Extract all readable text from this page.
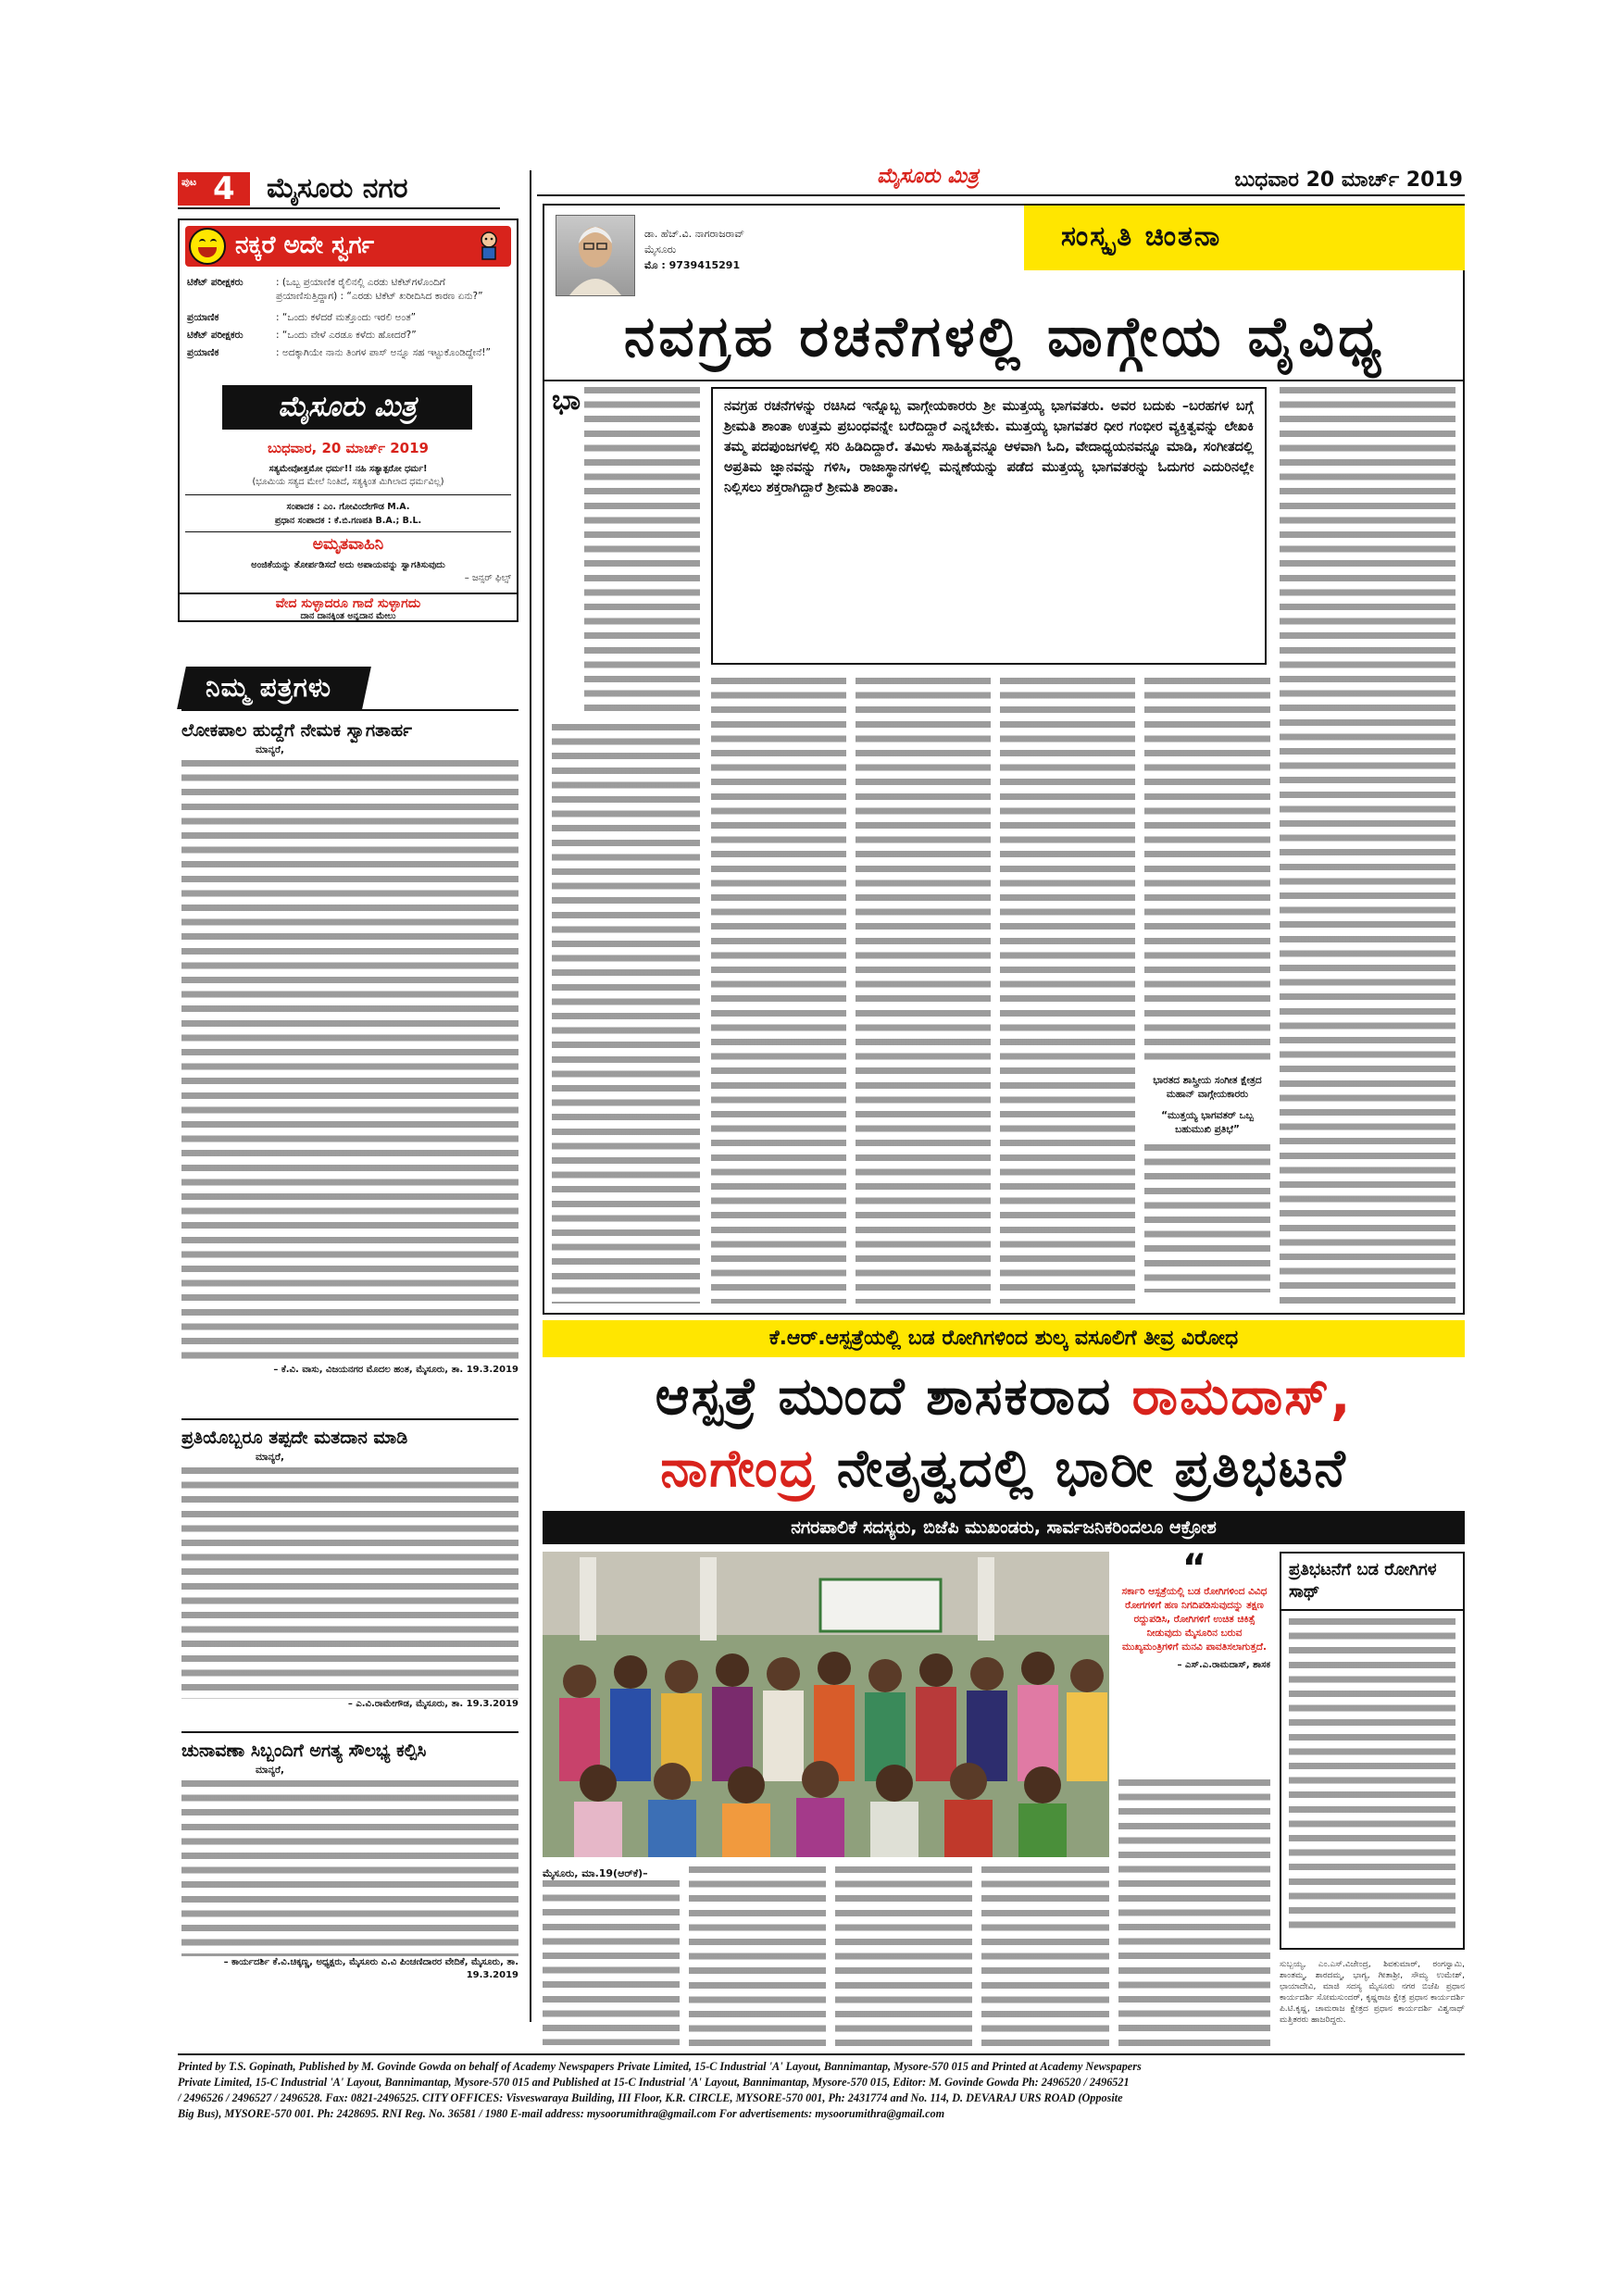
ಪುಟ 4 ಮೈಸೂರು ನಗರ	ಮೈಸೂರು ಮಿತ್ರ	ಬುಧವಾರ 20 ಮಾರ್ಚ್ 2019
ನಕ್ಕರೆ ಅದೇ ಸ್ವರ್ಗ
ಟಿಕೆಟ್ ಪರೀಕ್ಷಕರು	: (ಒಬ್ಬ ಪ್ರಯಾಣಿಕ ರೈಲಿನಲ್ಲಿ ಎರಡು ಟಿಕೆಟ್‌ಗಳೊಂದಿಗೆ ಪ್ರಯಾಣಿಸುತ್ತಿದ್ದಾಗ) : “ಎರಡು ಟಿಕೆಟ್ ಖರೀದಿಸಿದ ಕಾರಣ ಏನು?”
ಪ್ರಯಾಣಿಕ	: “ಒಂದು ಕಳೆದರೆ ಮತ್ತೊಂದು ಇರಲಿ ಅಂತ”
ಟಿಕೆಟ್ ಪರೀಕ್ಷಕರು	: “ಒಂದು ವೇಳೆ ಎರಡೂ ಕಳೆದು ಹೋದರೆ?”
ಪ್ರಯಾಣಿಕ	: ಅದಕ್ಕಾಗಿಯೇ ನಾನು ತಿಂಗಳ ಪಾಸ್ ಅನ್ನೂ ಸಹ ಇಟ್ಟುಕೊಂಡಿದ್ದೇನೆ!”
ಮೈಸೂರು ಮಿತ್ರ
ಬುಧವಾರ, 20 ಮಾರ್ಚ್ 2019
ಸತ್ಯಮೇವೋತ್ತಮೋ ಧರ್ಮ!! ನಹಿ ಸತ್ಯಾತ್ಪರೋ ಧರ್ಮ!
(ಭೂಮಿಯ ಸತ್ಯದ ಮೇಲೆ ನಿಂತಿದೆ, ಸತ್ಯಕ್ಕಿಂತ ಮಿಗಿಲಾದ ಧರ್ಮವಿಲ್ಲ)
ಸಂಪಾದಕ : ಎಂ. ಗೋವಿಂದೇಗೌಡ M.A.
ಪ್ರಧಾನ ಸಂಪಾದಕ : ಕೆ.ಬಿ.ಗಣಪತಿ B.A.; B.L.
ಅಮೃತವಾಹಿನಿ
ಅಂಜಿಕೆಯನ್ನು ತೋರ್ಪಡಿಸದೆ ಅದು ಅಪಾಯವನ್ನು ಸ್ವಾಗತಿಸುವುದು
– ಜನ್ಸರ್ ಫಿಲ್ಸ್
ವೇದ ಸುಳ್ಳಾದರೂ ಗಾದೆ ಸುಳ್ಳಾಗದು
ದಾನ ದಾನಕ್ಕಿಂತ ಅನ್ನದಾನ ಮೇಲು
ನಿಮ್ಮ ಪತ್ರಗಳು
ಲೋಕಪಾಲ ಹುದ್ದೆಗೆ ನೇಮಕ ಸ್ವಾಗತಾರ್ಹ
ಮಾನ್ಯರೆ,
– ಕೆ.ವಿ. ವಾಸು, ವಿಜಯನಗರ ಮೊದಲ ಹಂತ, ಮೈಸೂರು, ತಾ. 19.3.2019
ಪ್ರತಿಯೊಬ್ಬರೂ ತಪ್ಪದೇ ಮತದಾನ ಮಾಡಿ
ಮಾನ್ಯರೆ,
– ಎ.ವಿ.ರಾಮೇಗೌಡ, ಮೈಸೂರು, ತಾ. 19.3.2019
ಚುನಾವಣಾ ಸಿಬ್ಬಂದಿಗೆ ಅಗತ್ಯ ಸೌಲಭ್ಯ ಕಲ್ಪಿಸಿ
ಮಾನ್ಯರೆ,
– ಕಾರ್ಯದರ್ಶಿ ಕೆ.ವಿ.ಚಿಕ್ಕಣ್ಣ, ಅಧ್ಯಕ್ಷರು, ಮೈಸೂರು ವಿ.ವಿ ಪಿಂಚಣಿದಾರರ ವೇದಿಕೆ, ಮೈಸೂರು, ತಾ. 19.3.2019
ಡಾ. ಹೆಚ್.ವಿ. ನಾಗರಾಜರಾವ್
ಮೈಸೂರು
ಮೊ : 9739415291
ಸಂಸ್ಕೃತಿ ಚಿಂತನಾ
ನವಗ್ರಹ ರಚನೆಗಳಲ್ಲಿ ವಾಗ್ಗೇಯ ವೈವಿಧ್ಯ
ಭಾ	ನವಗ್ರಹ ರಚನೆಗಳನ್ನು ರಚಿಸಿದ ಇನ್ನೊಬ್ಬ ವಾಗ್ಗೇಯಕಾರರು ಶ್ರೀ ಮುತ್ತಯ್ಯ ಭಾಗವತರು. ಅವರ ಬದುಕು –ಬರಹಗಳ ಬಗ್ಗೆ ಶ್ರೀಮತಿ ಶಾಂತಾ ಉತ್ತಮ ಪ್ರಬಂಧವನ್ನೇ ಬರೆದಿದ್ದಾರೆ ಎನ್ನಬೇಕು. ಮುತ್ತಯ್ಯ ಭಾಗವತರ ಧೀರ ಗಂಭೀರ ವ್ಯಕ್ತಿತ್ವವನ್ನು ಲೇಖಕಿ ತಮ್ಮ ಪದಪುಂಜಗಳಲ್ಲಿ ಸರಿ ಹಿಡಿದಿದ್ದಾರೆ. ತಮಿಳು ಸಾಹಿತ್ಯವನ್ನೂ ಆಳವಾಗಿ ಓದಿ, ವೇದಾಧ್ಯಯನವನ್ನೂ ಮಾಡಿ, ಸಂಗೀತದಲ್ಲಿ ಅಪ್ರತಿಮ ಜ್ಞಾನವನ್ನು ಗಳಿಸಿ, ರಾಜಾಸ್ಥಾನಗಳಲ್ಲಿ ಮನ್ನಣೆಯನ್ನು ಪಡೆದ ಮುತ್ತಯ್ಯ ಭಾಗವತರನ್ನು ಓದುಗರ ಎದುರಿನಲ್ಲೇ ನಿಲ್ಲಿಸಲು ಶಕ್ತರಾಗಿದ್ದಾರೆ ಶ್ರೀಮತಿ ಶಾಂತಾ.
ಭಾರತದ ಶಾಸ್ತ್ರೀಯ ಸಂಗೀತ ಕ್ಷೇತ್ರದ ಮಹಾನ್ ವಾಗ್ಗೇಯಕಾರರು
“ಮುತ್ತಯ್ಯ ಭಾಗವತರ್ ಒಬ್ಬ ಬಹುಮುಖಿ ಪ್ರತಿಭೆ”
ಕೆ.ಆರ್.ಆಸ್ಪತ್ರೆಯಲ್ಲಿ ಬಡ ರೋಗಿಗಳಿಂದ ಶುಲ್ಕ ವಸೂಲಿಗೆ ತೀವ್ರ ವಿರೋಧ
ಆಸ್ಪತ್ರೆ ಮುಂದೆ ಶಾಸಕರಾದ ರಾಮದಾಸ್,
ನಾಗೇಂದ್ರ ನೇತೃತ್ವದಲ್ಲಿ ಭಾರೀ ಪ್ರತಿಭಟನೆ
ನಗರಪಾಲಿಕೆ ಸದಸ್ಯರು, ಬಿಜೆಪಿ ಮುಖಂಡರು, ಸಾರ್ವಜನಿಕರಿಂದಲೂ ಆಕ್ರೋಶ
“
ಸರ್ಕಾರಿ ಆಸ್ಪತ್ರೆಯಲ್ಲಿ ಬಡ ರೋಗಿಗಳಿಂದ ವಿವಿಧ ರೋಗಗಳಿಗೆ ಹಣ ನಿಗದಿಪಡಿಸುವುದನ್ನು ತಕ್ಷಣ ರದ್ದುಪಡಿಸಿ, ರೋಗಿಗಳಿಗೆ ಉಚಿತ ಚಿಕಿತ್ಸೆ ನೀಡುವುದು ಮೈಸೂರಿನ ಬರುವ ಮುಖ್ಯಮಂತ್ರಿಗಳಿಗೆ ಮನವಿ ಪಾವತಿಸಲಾಗುತ್ತದೆ.
– ಎಸ್.ಎ.ರಾಮದಾಸ್, ಶಾಸಕ
ಪ್ರತಿಭಟನೆಗೆ ಬಡ ರೋಗಿಗಳ ಸಾಥ್
ಮೈಸೂರು, ಮಾ.19(ಆರ್‌ಕೆ)–
ಸುಬ್ಬಯ್ಯ, ಎಂ.ಎಸ್.ವಿಜೇಂದ್ರ, ಶಿವಕುಮಾರ್, ರಂಗಸ್ವಾಮಿ, ಶಾಂತಮ್ಮ, ಶಾರದಮ್ಮ, ಭಾಗ್ಯ, ಗೀತಾಶ್ರೀ, ಸೌಮ್ಯ ಉಮೇಶ್, ಛಾಯಾದೇವಿ, ಮಾಜಿ ಸದಸ್ಯ ಮೈಸೂರು ನಗರ ಬಿಜೆಪಿ ಪ್ರಧಾನ ಕಾರ್ಯದರ್ಶಿ ಸೋಮಸುಂದರ್, ಕೃಷ್ಣರಾಜ ಕ್ಷೇತ್ರ ಪ್ರಧಾನ ಕಾರ್ಯದರ್ಶಿ ಪಿ.ಟಿ.ಕೃಷ್ಣ, ಚಾಮರಾಜ ಕ್ಷೇತ್ರದ ಪ್ರಧಾನ ಕಾರ್ಯದರ್ಶಿ ವಿಶ್ವನಾಥ್ ಮತ್ತಿತರರು ಹಾಜರಿದ್ದರು.
Printed by T.S. Gopinath, Published by M. Govinde Gowda on behalf of Academy Newspapers Private Limited, 15-C Industrial 'A' Layout, Bannimantap, Mysore-570 015 and Printed at Academy Newspapers
Private Limited, 15-C Industrial 'A' Layout, Bannimantap, Mysore-570 015 and Published at 15-C Industrial 'A' Layout, Bannimantap, Mysore-570 015, Editor: M. Govinde Gowda Ph: 2496520 / 2496521
/ 2496526 / 2496527 / 2496528. Fax: 0821-2496525. CITY OFFICES: Visveswaraya Building, III Floor, K.R. CIRCLE, MYSORE-570 001, Ph: 2431774 and No. 114, D. DEVARAJ URS ROAD (Opposite
Big Bus), MYSORE-570 001. Ph: 2428695. RNI Reg. No. 36581 / 1980 E-mail address: mysoorumithra@gmail.com For advertisements: mysoorumithra@gmail.com
